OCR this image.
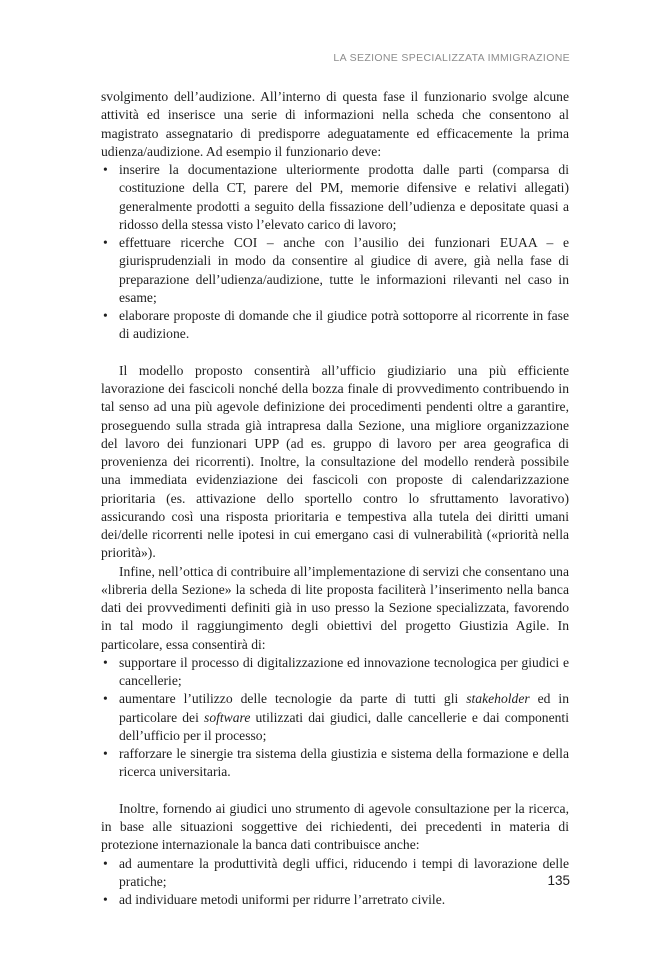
LA SEZIONE SPECIALIZZATA IMMIGRAZIONE

svolgimento dell’audizione. All’interno di questa fase il funzionario svolge alcune attività ed inserisce una serie di informazioni nella scheda che consentono al magistrato assegnatario di predisporre adeguatamente ed efficacemente la prima udienza/audizione. Ad esempio il funzionario deve:

• inserire la documentazione ulteriormente prodotta dalle parti (comparsa di costituzione della CT, parere del PM, memorie difensive e relativi allegati) generalmente prodotti a seguito della fissazione dell’udienza e depositate quasi a ridosso della stessa visto l’elevato carico di lavoro;
• effettuare ricerche COI – anche con l’ausilio dei funzionari EUAA – e giurisprudenziali in modo da consentire al giudice di avere, già nella fase di preparazione dell’udienza/audizione, tutte le informazioni rilevanti nel caso in esame;
• elaborare proposte di domande che il giudice potrà sottoporre al ricorrente in fase di audizione.

Il modello proposto consentirà all’ufficio giudiziario una più efficiente lavorazione dei fascicoli nonché della bozza finale di provvedimento contribuendo in tal senso ad una più agevole definizione dei procedimenti pendenti oltre a garantire, proseguendo sulla strada già intrapresa dalla Sezione, una migliore organizzazione del lavoro dei funzionari UPP (ad es. gruppo di lavoro per area geografica di provenienza dei ricorrenti). Inoltre, la consultazione del modello renderà possibile una immediata evidenziazione dei fascicoli con proposte di calendarizzazione prioritaria (es. attivazione dello sportello contro lo sfruttamento lavorativo) assicurando così una risposta prioritaria e tempestiva alla tutela dei diritti umani dei/delle ricorrenti nelle ipotesi in cui emergano casi di vulnerabilità («priorità nella priorità»).

Infine, nell’ottica di contribuire all’implementazione di servizi che consentano una «libreria della Sezione» la scheda di lite proposta faciliterà l’inserimento nella banca dati dei provvedimenti definiti già in uso presso la Sezione specializzata, favorendo in tal modo il raggiungimento degli obiettivi del progetto Giustizia Agile. In particolare, essa consentirà di:

• supportare il processo di digitalizzazione ed innovazione tecnologica per giudici e cancellerie;
• aumentare l’utilizzo delle tecnologie da parte di tutti gli stakeholder ed in particolare dei software utilizzati dai giudici, dalle cancellerie e dai componenti dell’ufficio per il processo;
• rafforzare le sinergie tra sistema della giustizia e sistema della formazione e della ricerca universitaria.

Inoltre, fornendo ai giudici uno strumento di agevole consultazione per la ricerca, in base alle situazioni soggettive dei richiedenti, dei precedenti in materia di protezione internazionale la banca dati contribuisce anche:

• ad aumentare la produttività degli uffici, riducendo i tempi di lavorazione delle pratiche;
• ad individuare metodi uniformi per ridurre l’arretrato civile.
135
